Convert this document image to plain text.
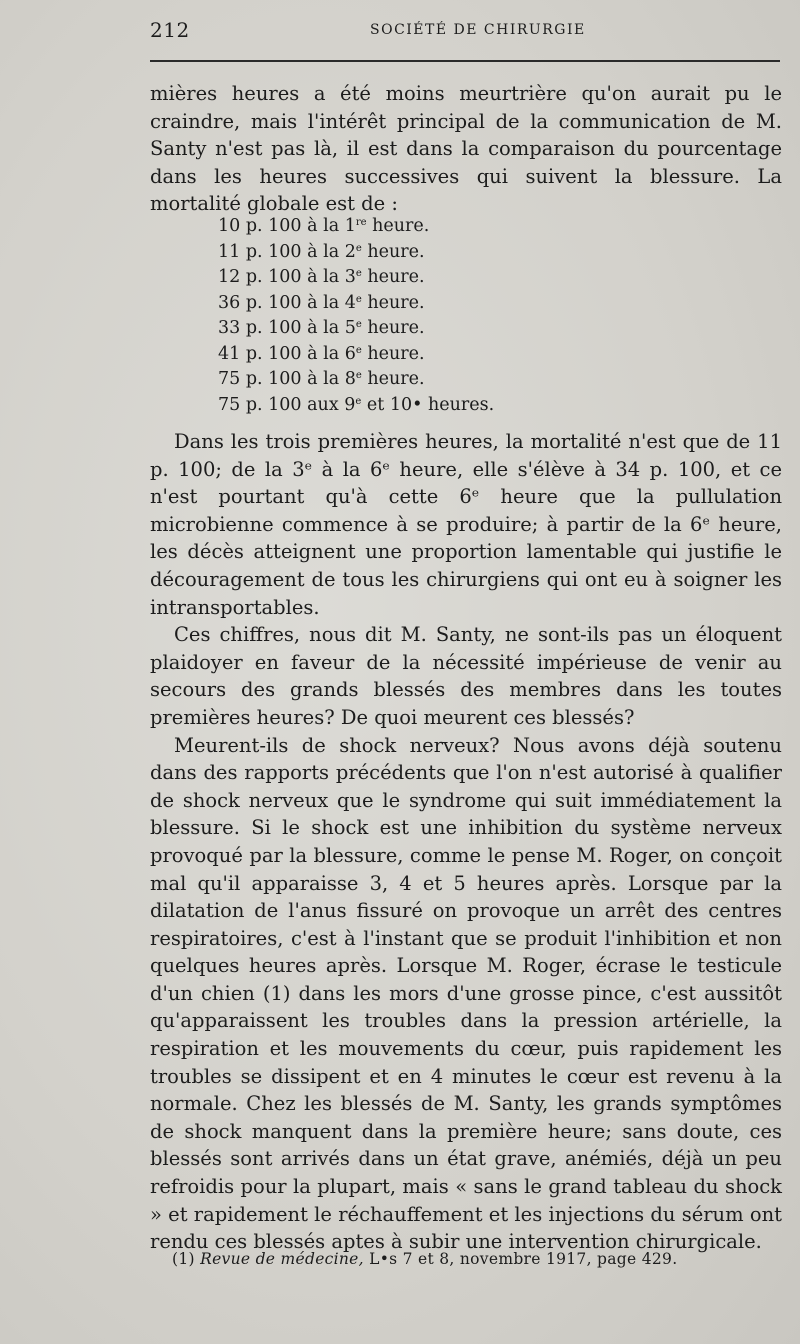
212	SOCIÉTÉ DE CHIRURGIE

mières heures a été moins meurtrière qu'on aurait pu le craindre, mais l'intérêt principal de la communication de M. Santy n'est pas là, il est dans la comparaison du pourcentage dans les heures successives qui suivent la blessure. La mortalité globale est de :

10 p. 100 à la 1re heure.
11 p. 100 à la 2e heure.
12 p. 100 à la 3e heure.
36 p. 100 à la 4e heure.
33 p. 100 à la 5e heure.
41 p. 100 à la 6e heure.
75 p. 100 à la 8e heure.
75 p. 100 aux 9e et 10• heures.

Dans les trois premières heures, la mortalité n'est que de 11 p. 100; de la 3ᵉ à la 6ᵉ heure, elle s'élève à 34 p. 100, et ce n'est pourtant qu'à cette 6ᵉ heure que la pullulation microbienne commence à se produire; à partir de la 6ᵉ heure, les décès atteignent une proportion lamentable qui justifie le découragement de tous les chirurgiens qui ont eu à soigner les intransportables.

Ces chiffres, nous dit M. Santy, ne sont-ils pas un éloquent plaidoyer en faveur de la nécessité impérieuse de venir au secours des grands blessés des membres dans les toutes premières heures? De quoi meurent ces blessés?

Meurent-ils de shock nerveux? Nous avons déjà soutenu dans des rapports précédents que l'on n'est autorisé à qualifier de shock nerveux que le syndrome qui suit immédiatement la blessure. Si le shock est une inhibition du système nerveux provoqué par la blessure, comme le pense M. Roger, on conçoit mal qu'il apparaisse 3, 4 et 5 heures après. Lorsque par la dilatation de l'anus fissuré on provoque un arrêt des centres respiratoires, c'est à l'instant que se produit l'inhibition et non quelques heures après. Lorsque M. Roger, écrase le testicule d'un chien (1) dans les mors d'une grosse pince, c'est aussitôt qu'apparaissent les troubles dans la pression artérielle, la respiration et les mouvements du cœur, puis rapidement les troubles se dissipent et en 4 minutes le cœur est revenu à la normale. Chez les blessés de M. Santy, les grands symptômes de shock manquent dans la première heure; sans doute, ces blessés sont arrivés dans un état grave, anémiés, déjà un peu refroidis pour la plupart, mais « sans le grand tableau du shock » et rapidement le réchauffement et les injections du sérum ont rendu ces blessés aptes à subir une intervention chirurgicale.

(1) Revue de médecine, L•s 7 et 8, novembre 1917, page 429.
